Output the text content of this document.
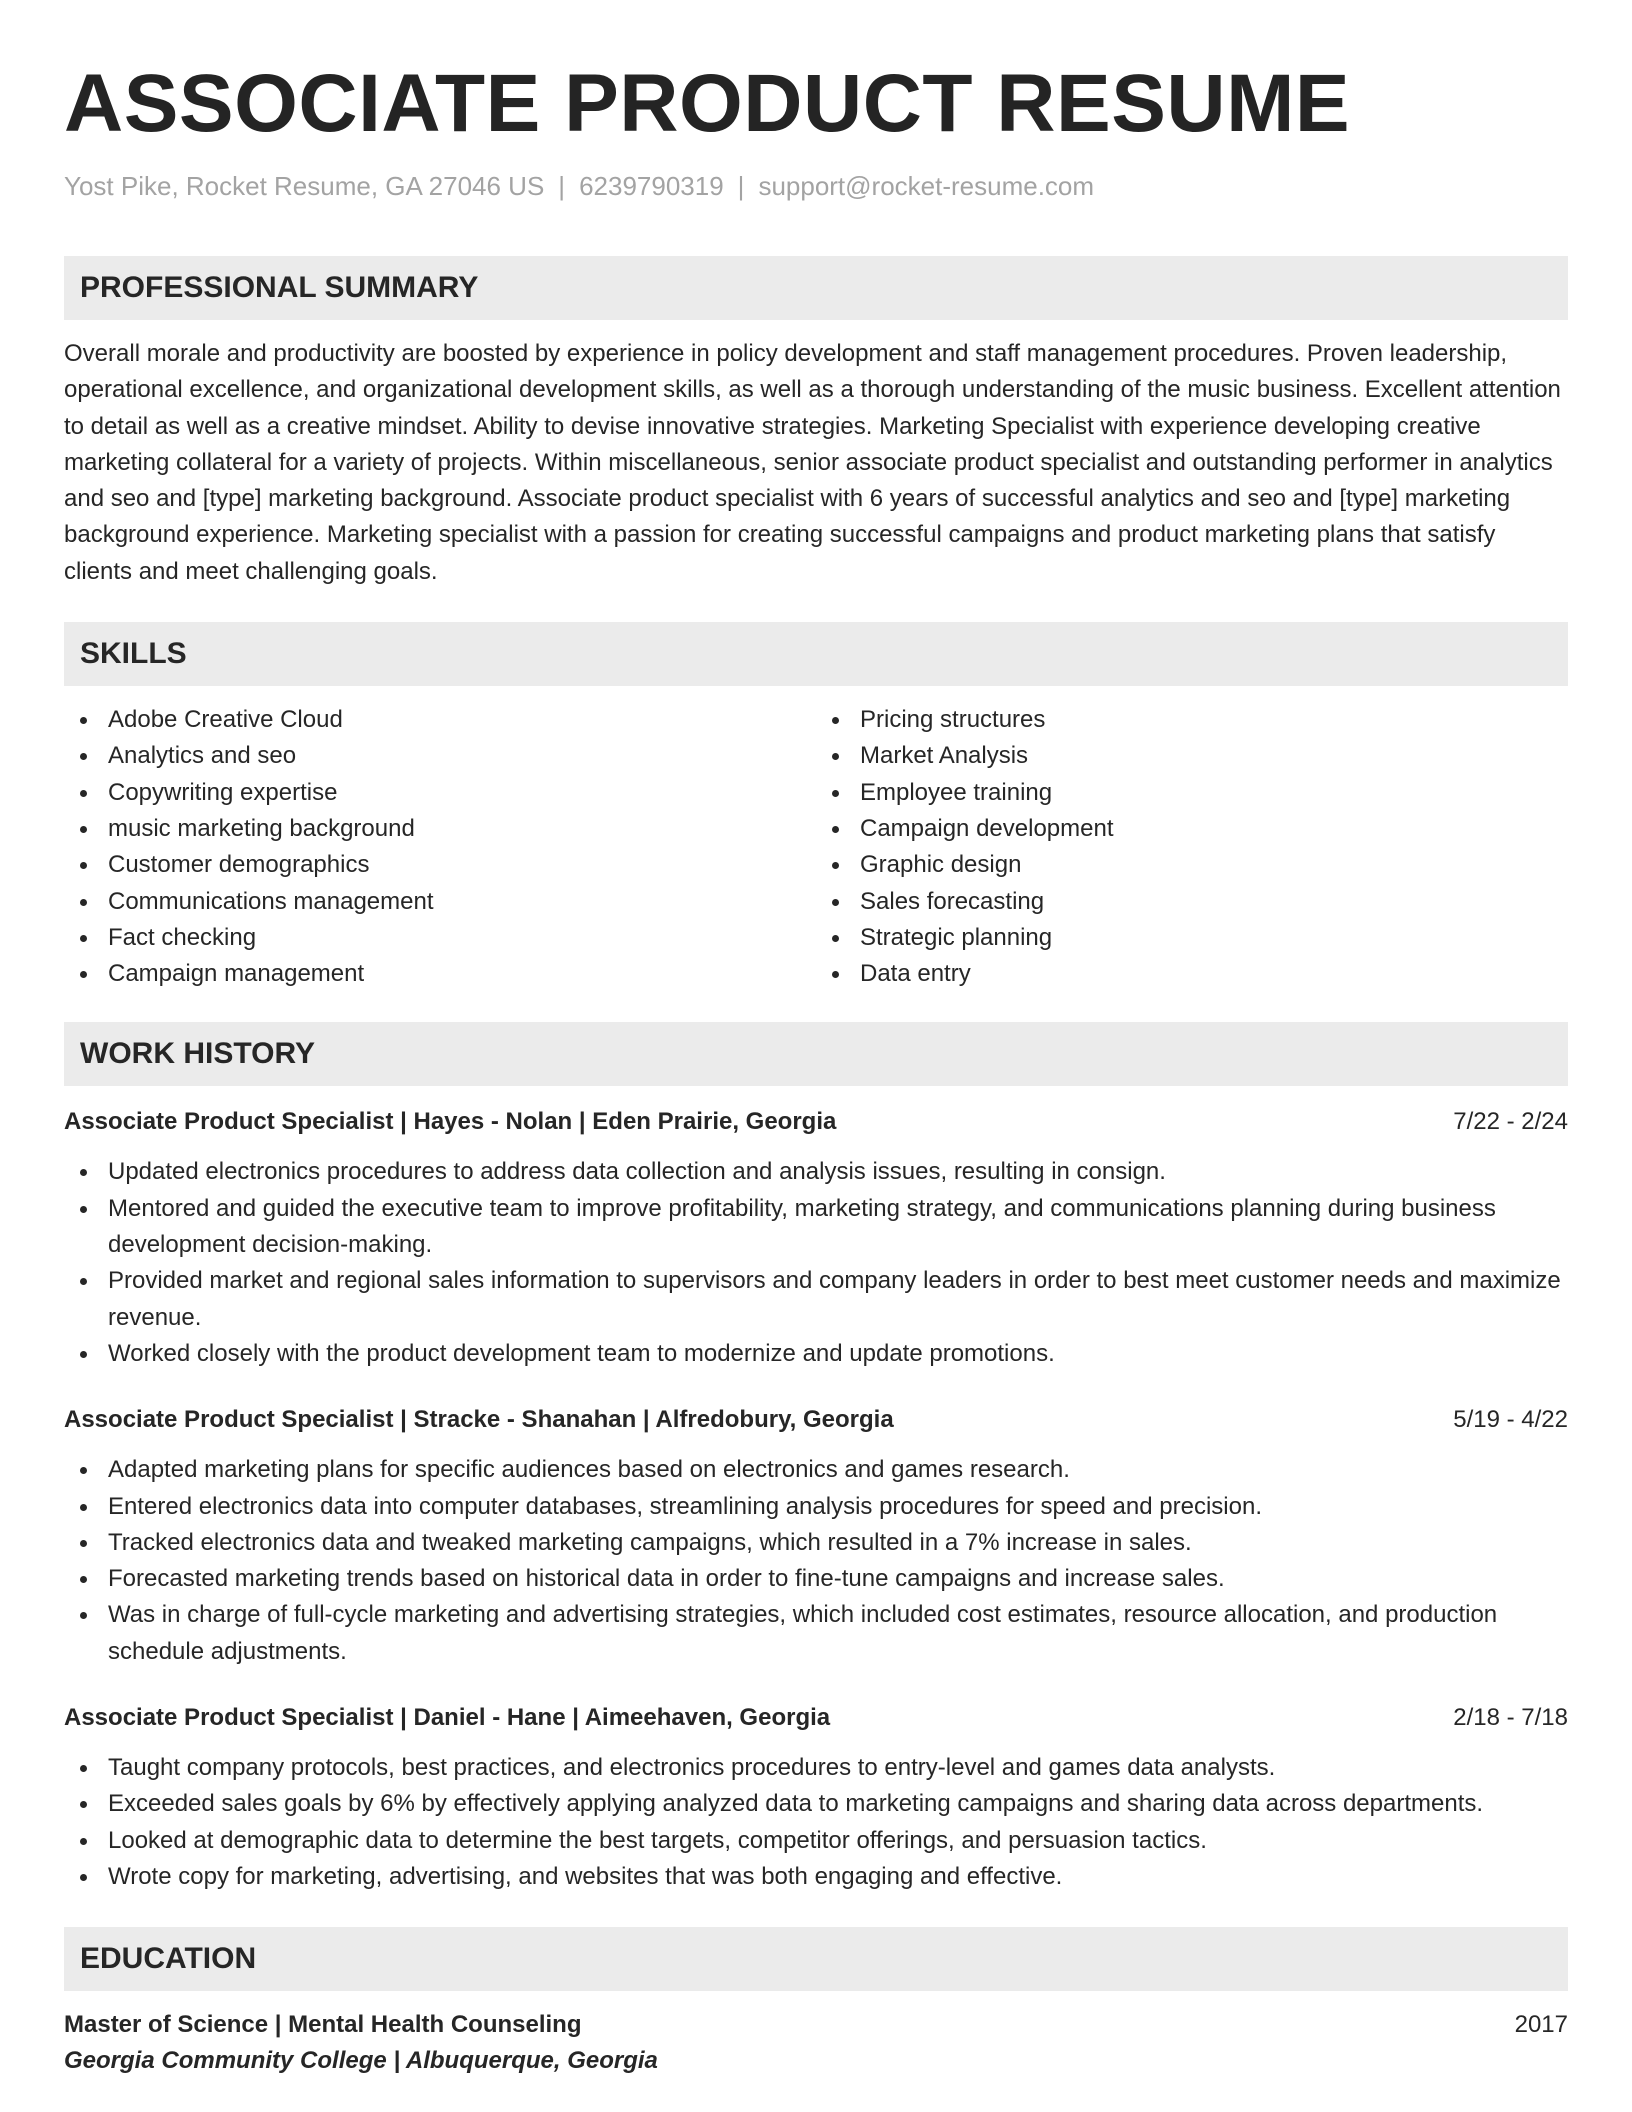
ASSOCIATE PRODUCT RESUME
Yost Pike, Rocket Resume, GA 27046 US | 6239790319 | support@rocket-resume.com
PROFESSIONAL SUMMARY
Overall morale and productivity are boosted by experience in policy development and staff management procedures. Proven leadership, operational excellence, and organizational development skills, as well as a thorough understanding of the music business. Excellent attention to detail as well as a creative mindset. Ability to devise innovative strategies. Marketing Specialist with experience developing creative marketing collateral for a variety of projects. Within miscellaneous, senior associate product specialist and outstanding performer in analytics and seo and [type] marketing background. Associate product specialist with 6 years of successful analytics and seo and [type] marketing background experience. Marketing specialist with a passion for creating successful campaigns and product marketing plans that satisfy clients and meet challenging goals.
SKILLS
Adobe Creative Cloud
Analytics and seo
Copywriting expertise
music marketing background
Customer demographics
Communications management
Fact checking
Campaign management
Pricing structures
Market Analysis
Employee training
Campaign development
Graphic design
Sales forecasting
Strategic planning
Data entry
WORK HISTORY
Associate Product Specialist | Hayes - Nolan | Eden Prairie, Georgia	7/22 - 2/24
Updated electronics procedures to address data collection and analysis issues, resulting in consign.
Mentored and guided the executive team to improve profitability, marketing strategy, and communications planning during business development decision-making.
Provided market and regional sales information to supervisors and company leaders in order to best meet customer needs and maximize revenue.
Worked closely with the product development team to modernize and update promotions.
Associate Product Specialist | Stracke - Shanahan | Alfredobury, Georgia	5/19 - 4/22
Adapted marketing plans for specific audiences based on electronics and games research.
Entered electronics data into computer databases, streamlining analysis procedures for speed and precision.
Tracked electronics data and tweaked marketing campaigns, which resulted in a 7% increase in sales.
Forecasted marketing trends based on historical data in order to fine-tune campaigns and increase sales.
Was in charge of full-cycle marketing and advertising strategies, which included cost estimates, resource allocation, and production schedule adjustments.
Associate Product Specialist | Daniel - Hane | Aimeehaven, Georgia	2/18 - 7/18
Taught company protocols, best practices, and electronics procedures to entry-level and games data analysts.
Exceeded sales goals by 6% by effectively applying analyzed data to marketing campaigns and sharing data across departments.
Looked at demographic data to determine the best targets, competitor offerings, and persuasion tactics.
Wrote copy for marketing, advertising, and websites that was both engaging and effective.
EDUCATION
Master of Science | Mental Health Counseling	2017
Georgia Community College | Albuquerque, Georgia
